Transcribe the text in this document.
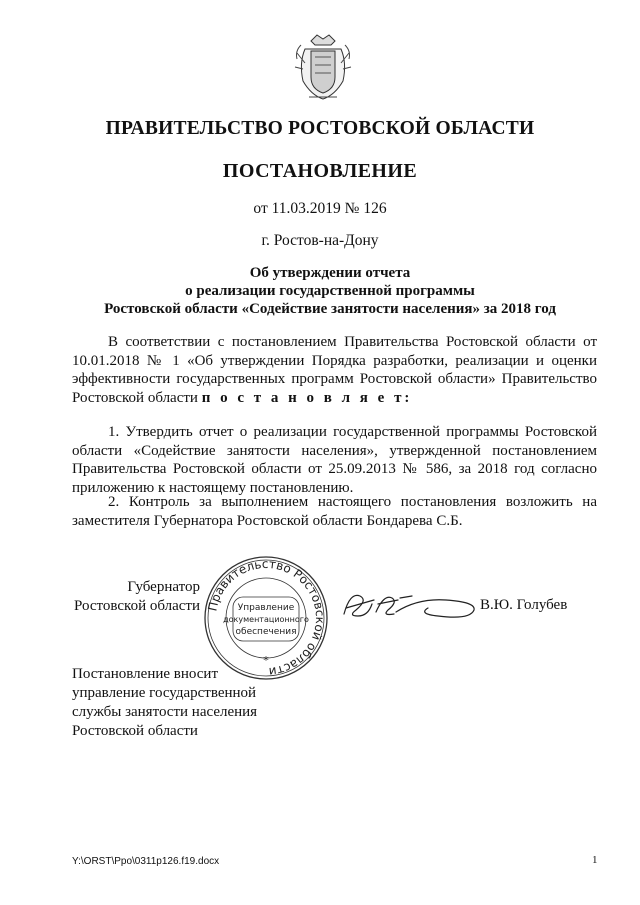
ПРАВИТЕЛЬСТВО РОСТОВСКОЙ ОБЛАСТИ
ПОСТАНОВЛЕНИЕ
от 11.03.2019 № 126
г. Ростов-на-Дону
Об утверждении отчета
о реализации государственной программы
Ростовской области «Содействие занятости населения» за 2018 год

В соответствии с постановлением Правительства Ростовской области от 10.01.2018 № 1 «Об утверждении Порядка разработки, реализации и оценки эффективности государственных программ Ростовской области» Правительство Ростовской области п о с т а н о в л я е т:

1. Утвердить отчет о реализации государственной программы Ростовской области «Содействие занятости населения», утвержденной постановлением Правительства Ростовской области от 25.09.2013 № 586, за 2018 год согласно приложению к настоящему постановлению.

2. Контроль за выполнением настоящего постановления возложить на заместителя Губернатора Ростовской области Бондарева С.Б.

Губернатор
Ростовской области Правительство Ростовской области
Управление
документационного
обеспечения
*
В.Ю. Голубев
Постановление вносит
управление государственной
службы занятости населения
Ростовской области
Y:\ORST\Ppo\0311p126.f19.docx	1
